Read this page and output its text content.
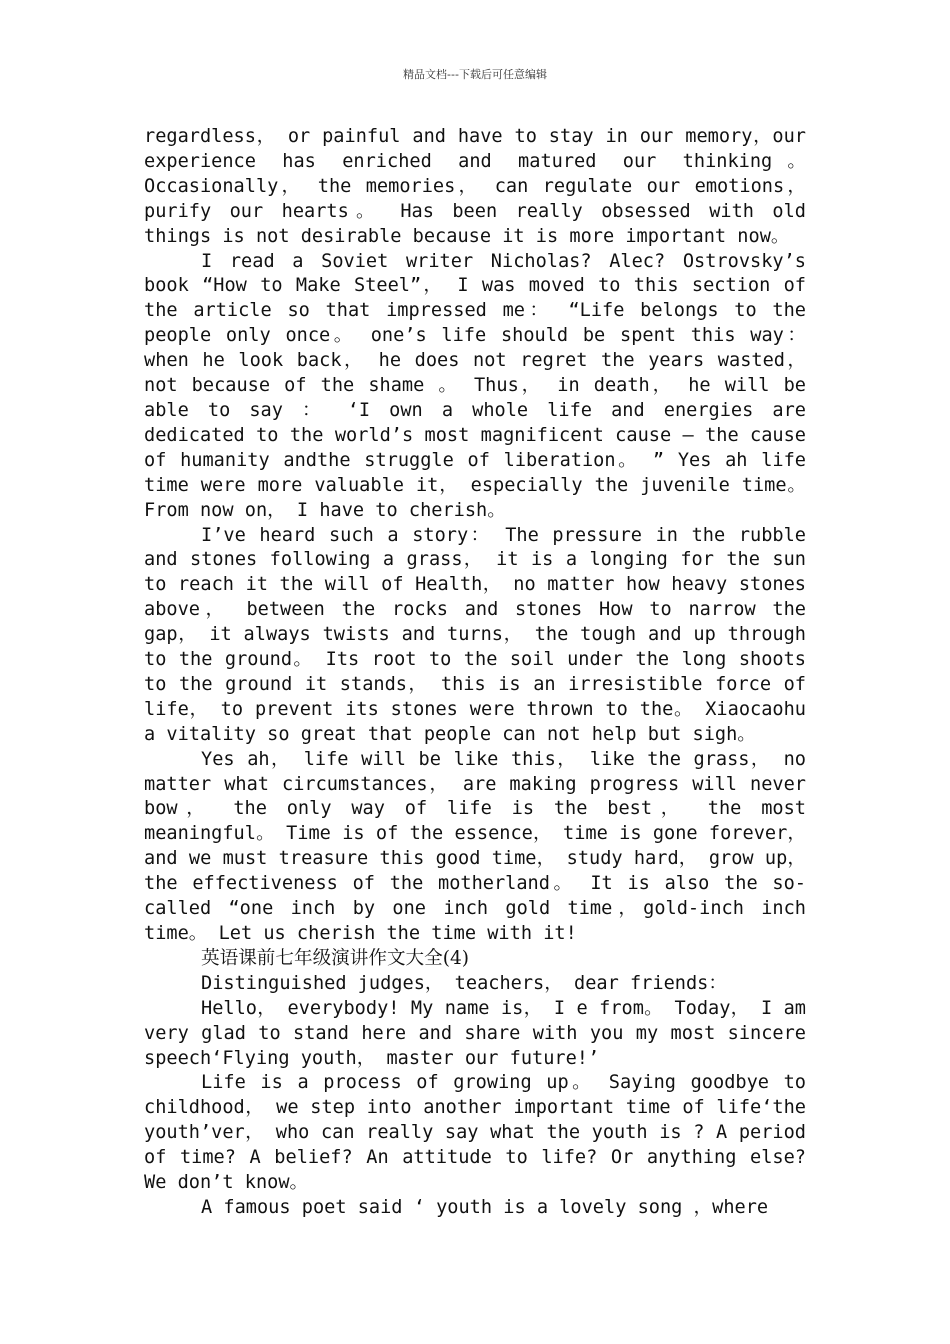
精品文档---下载后可任意编辑

regardless， or painful and have to stay in our memory，our experience has enriched and matured our thinking。Occasionally， the memories， can regulate our emotions，purify our hearts。 Has been really obsessed with old things is not desirable because it is more important now。

I read a Soviet writer Nicholas? Alec? Ostrovsky’s book “How to Make Steel”， I was moved to this section of the article so that impressed me： “Life belongs to the people only once。 one’s life should be spent this way：when he look back， he does not regret the years wasted，not because of the shame 。 Thus， in death， he will be able to say ： ‘I own a whole life and energies are dedicated to the world’s most magnificent cause – the cause of humanity andthe struggle of liberation。 ” Yes ah life time were more valuable it， especially the juvenile time。 From now on， I have to cherish。

I’ve heard such a story： The pressure in the rubble and stones following a grass， it is a longing for the sun to reach it the will of Health， no matter how heavy stones above， between the rocks and stones How to narrow the gap， it always twists and turns， the tough and up through to the ground。 Its root to the soil under the long shoots to the ground it stands， this is an irresistible force of life， to prevent its stones were thrown to the。 Xiaocaohu a vitality so great that people can not help but sigh。

Yes ah， life will be like this， like the grass， no matter what circumstances， are making progress will never bow， the only way of life is the best， the most meaningful。 Time is of the essence， time is gone forever， and we must treasure this good time， study hard， grow up， the effectiveness of the motherland。 It is also the so-called “one inch by one inch gold time，gold-inch inch time。 Let us cherish the time with it!

英语课前七年级演讲作文大全(4)

Distinguished judges， teachers， dear friends：

Hello， everybody! My name is， I e from。 Today， I am very glad to stand here and share with you my most sincere speech‘Flying youth， master our future!’

Life is a process of growing up。 Saying goodbye to childhood， we step into another important time of life‘the youth’ver， who can really say what the youth is ? A period of time? A belief? An attitude to life? Or anything else? We don’t know。

A famous poet said ‘ youth is a lovely song ，where
